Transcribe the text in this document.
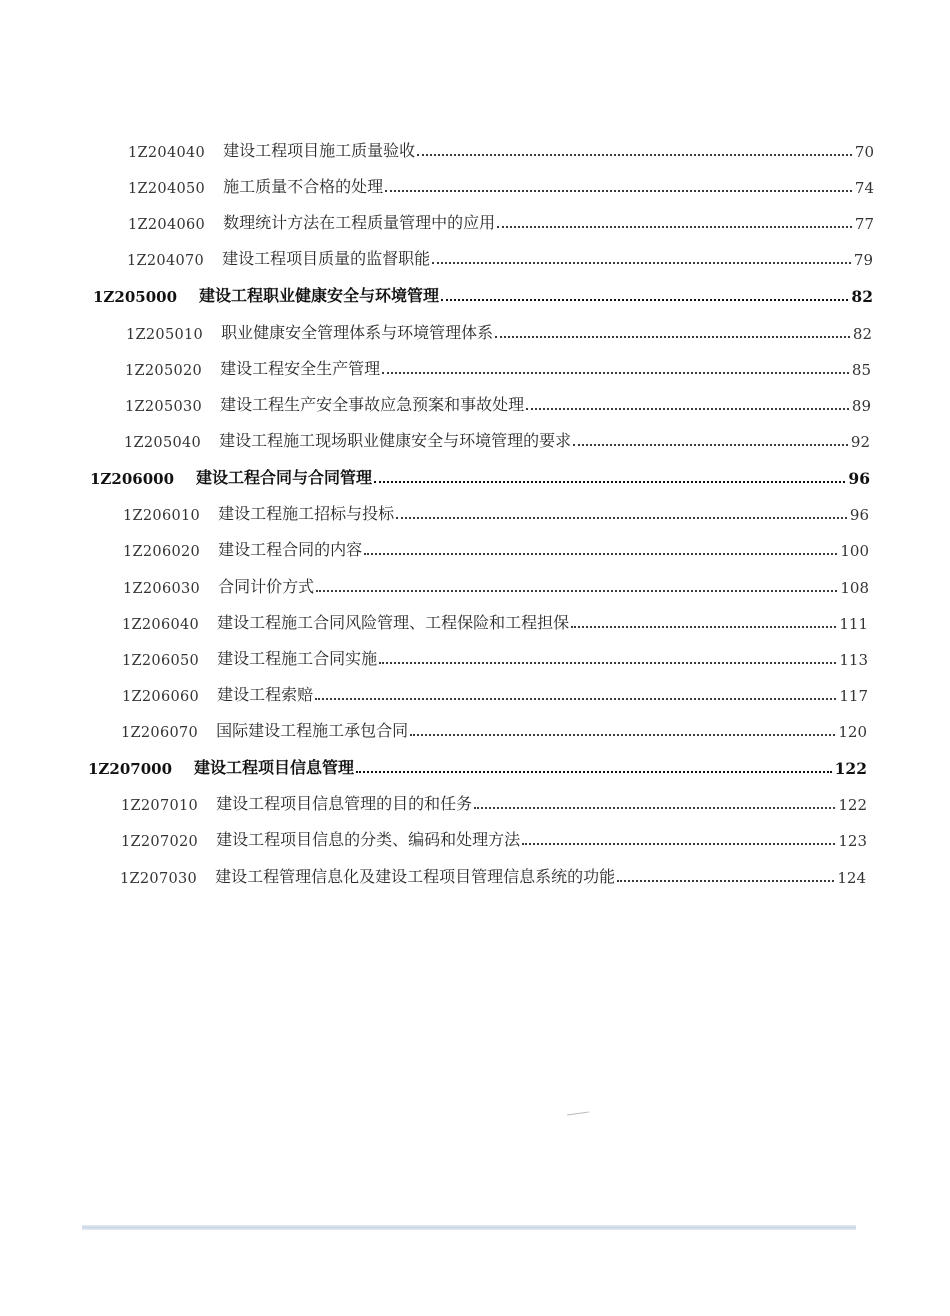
1Z204040 建设工程项目施工质量验收	70
1Z204050 施工质量不合格的处理	74
1Z204060 数理统计方法在工程质量管理中的应用	77
1Z204070 建设工程项目质量的监督职能	79
1Z205000 建设工程职业健康安全与环境管理	82
1Z205010 职业健康安全管理体系与环境管理体系	82
1Z205020 建设工程安全生产管理	85
1Z205030 建设工程生产安全事故应急预案和事故处理	89
1Z205040 建设工程施工现场职业健康安全与环境管理的要求	92
1Z206000 建设工程合同与合同管理	96
1Z206010 建设工程施工招标与投标	96
1Z206020 建设工程合同的内容	100
1Z206030 合同计价方式	108
1Z206040 建设工程施工合同风险管理、工程保险和工程担保	111
1Z206050 建设工程施工合同实施	113
1Z206060 建设工程索赔	117
1Z206070 国际建设工程施工承包合同	120
1Z207000 建设工程项目信息管理	122
1Z207010 建设工程项目信息管理的目的和任务	122
1Z207020 建设工程项目信息的分类、编码和处理方法	123
1Z207030 建设工程管理信息化及建设工程项目管理信息系统的功能	124
